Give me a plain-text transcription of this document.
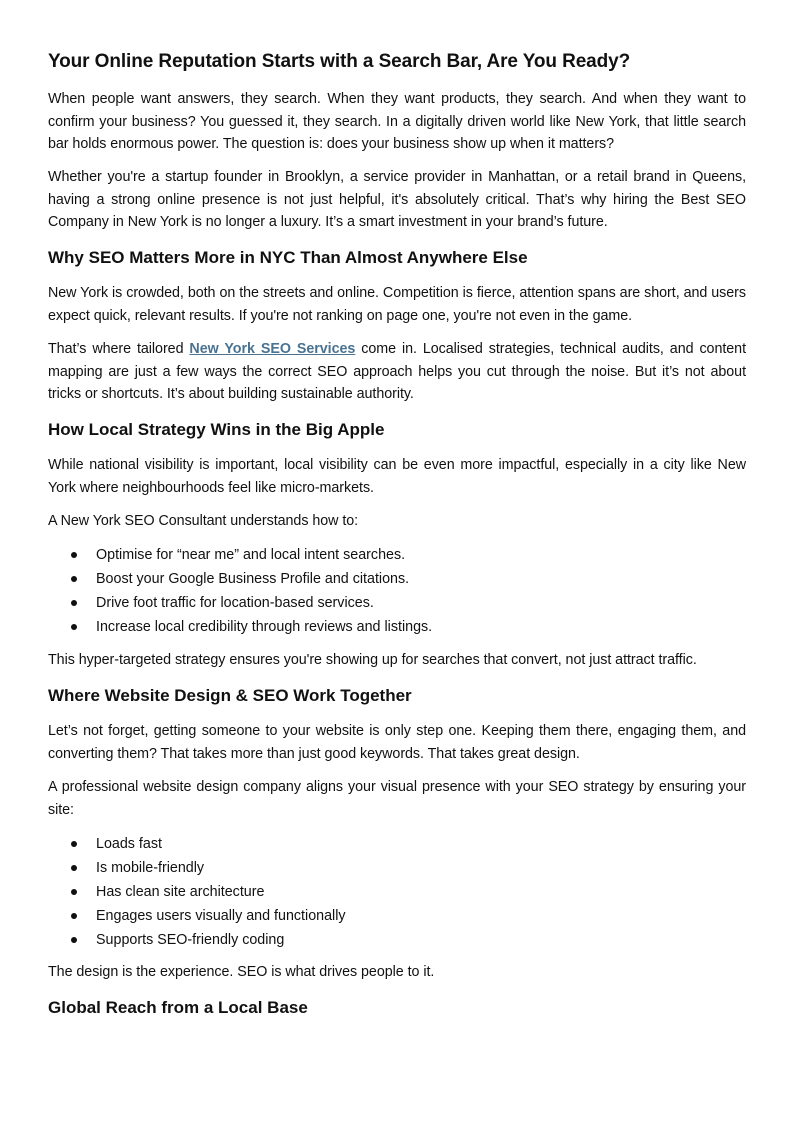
Your Online Reputation Starts with a Search Bar, Are You Ready?

When people want answers, they search. When they want products, they search. And when they want to confirm your business? You guessed it, they search. In a digitally driven world like New York, that little search bar holds enormous power. The question is: does your business show up when it matters?

Whether you're a startup founder in Brooklyn, a service provider in Manhattan, or a retail brand in Queens, having a strong online presence is not just helpful, it's absolutely critical. That’s why hiring the Best SEO Company in New York is no longer a luxury. It’s a smart investment in your brand’s future.

Why SEO Matters More in NYC Than Almost Anywhere Else

New York is crowded, both on the streets and online. Competition is fierce, attention spans are short, and users expect quick, relevant results. If you're not ranking on page one, you're not even in the game.

That’s where tailored New York SEO Services come in. Localised strategies, technical audits, and content mapping are just a few ways the correct SEO approach helps you cut through the noise. But it’s not about tricks or shortcuts. It’s about building sustainable authority.

How Local Strategy Wins in the Big Apple

While national visibility is important, local visibility can be even more impactful, especially in a city like New York where neighbourhoods feel like micro-markets.

A New York SEO Consultant understands how to:

Optimise for “near me” and local intent searches.
Boost your Google Business Profile and citations.
Drive foot traffic for location-based services.
Increase local credibility through reviews and listings.

This hyper-targeted strategy ensures you're showing up for searches that convert, not just attract traffic.

Where Website Design & SEO Work Together

Let’s not forget, getting someone to your website is only step one. Keeping them there, engaging them, and converting them? That takes more than just good keywords. That takes great design.

A professional website design company aligns your visual presence with your SEO strategy by ensuring your site:

Loads fast
Is mobile-friendly
Has clean site architecture
Engages users visually and functionally
Supports SEO-friendly coding

The design is the experience. SEO is what drives people to it.

Global Reach from a Local Base
